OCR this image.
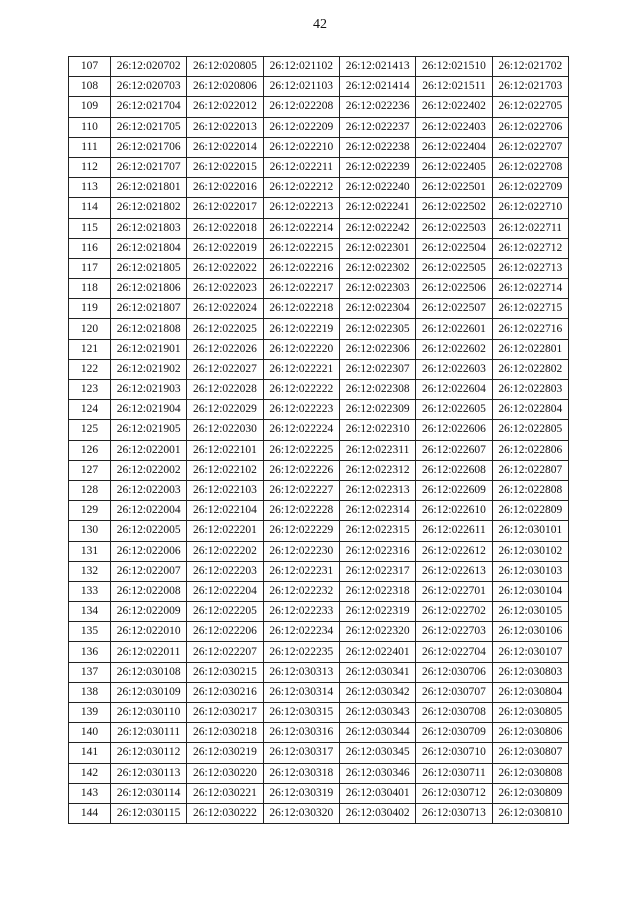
42
107	26:12:020702	26:12:020805	26:12:021102	26:12:021413	26:12:021510	26:12:021702
108	26:12:020703	26:12:020806	26:12:021103	26:12:021414	26:12:021511	26:12:021703
109	26:12:021704	26:12:022012	26:12:022208	26:12:022236	26:12:022402	26:12:022705
110	26:12:021705	26:12:022013	26:12:022209	26:12:022237	26:12:022403	26:12:022706
111	26:12:021706	26:12:022014	26:12:022210	26:12:022238	26:12:022404	26:12:022707
112	26:12:021707	26:12:022015	26:12:022211	26:12:022239	26:12:022405	26:12:022708
113	26:12:021801	26:12:022016	26:12:022212	26:12:022240	26:12:022501	26:12:022709
114	26:12:021802	26:12:022017	26:12:022213	26:12:022241	26:12:022502	26:12:022710
115	26:12:021803	26:12:022018	26:12:022214	26:12:022242	26:12:022503	26:12:022711
116	26:12:021804	26:12:022019	26:12:022215	26:12:022301	26:12:022504	26:12:022712
117	26:12:021805	26:12:022022	26:12:022216	26:12:022302	26:12:022505	26:12:022713
118	26:12:021806	26:12:022023	26:12:022217	26:12:022303	26:12:022506	26:12:022714
119	26:12:021807	26:12:022024	26:12:022218	26:12:022304	26:12:022507	26:12:022715
120	26:12:021808	26:12:022025	26:12:022219	26:12:022305	26:12:022601	26:12:022716
121	26:12:021901	26:12:022026	26:12:022220	26:12:022306	26:12:022602	26:12:022801
122	26:12:021902	26:12:022027	26:12:022221	26:12:022307	26:12:022603	26:12:022802
123	26:12:021903	26:12:022028	26:12:022222	26:12:022308	26:12:022604	26:12:022803
124	26:12:021904	26:12:022029	26:12:022223	26:12:022309	26:12:022605	26:12:022804
125	26:12:021905	26:12:022030	26:12:022224	26:12:022310	26:12:022606	26:12:022805
126	26:12:022001	26:12:022101	26:12:022225	26:12:022311	26:12:022607	26:12:022806
127	26:12:022002	26:12:022102	26:12:022226	26:12:022312	26:12:022608	26:12:022807
128	26:12:022003	26:12:022103	26:12:022227	26:12:022313	26:12:022609	26:12:022808
129	26:12:022004	26:12:022104	26:12:022228	26:12:022314	26:12:022610	26:12:022809
130	26:12:022005	26:12:022201	26:12:022229	26:12:022315	26:12:022611	26:12:030101
131	26:12:022006	26:12:022202	26:12:022230	26:12:022316	26:12:022612	26:12:030102
132	26:12:022007	26:12:022203	26:12:022231	26:12:022317	26:12:022613	26:12:030103
133	26:12:022008	26:12:022204	26:12:022232	26:12:022318	26:12:022701	26:12:030104
134	26:12:022009	26:12:022205	26:12:022233	26:12:022319	26:12:022702	26:12:030105
135	26:12:022010	26:12:022206	26:12:022234	26:12:022320	26:12:022703	26:12:030106
136	26:12:022011	26:12:022207	26:12:022235	26:12:022401	26:12:022704	26:12:030107
137	26:12:030108	26:12:030215	26:12:030313	26:12:030341	26:12:030706	26:12:030803
138	26:12:030109	26:12:030216	26:12:030314	26:12:030342	26:12:030707	26:12:030804
139	26:12:030110	26:12:030217	26:12:030315	26:12:030343	26:12:030708	26:12:030805
140	26:12:030111	26:12:030218	26:12:030316	26:12:030344	26:12:030709	26:12:030806
141	26:12:030112	26:12:030219	26:12:030317	26:12:030345	26:12:030710	26:12:030807
142	26:12:030113	26:12:030220	26:12:030318	26:12:030346	26:12:030711	26:12:030808
143	26:12:030114	26:12:030221	26:12:030319	26:12:030401	26:12:030712	26:12:030809
144	26:12:030115	26:12:030222	26:12:030320	26:12:030402	26:12:030713	26:12:030810
